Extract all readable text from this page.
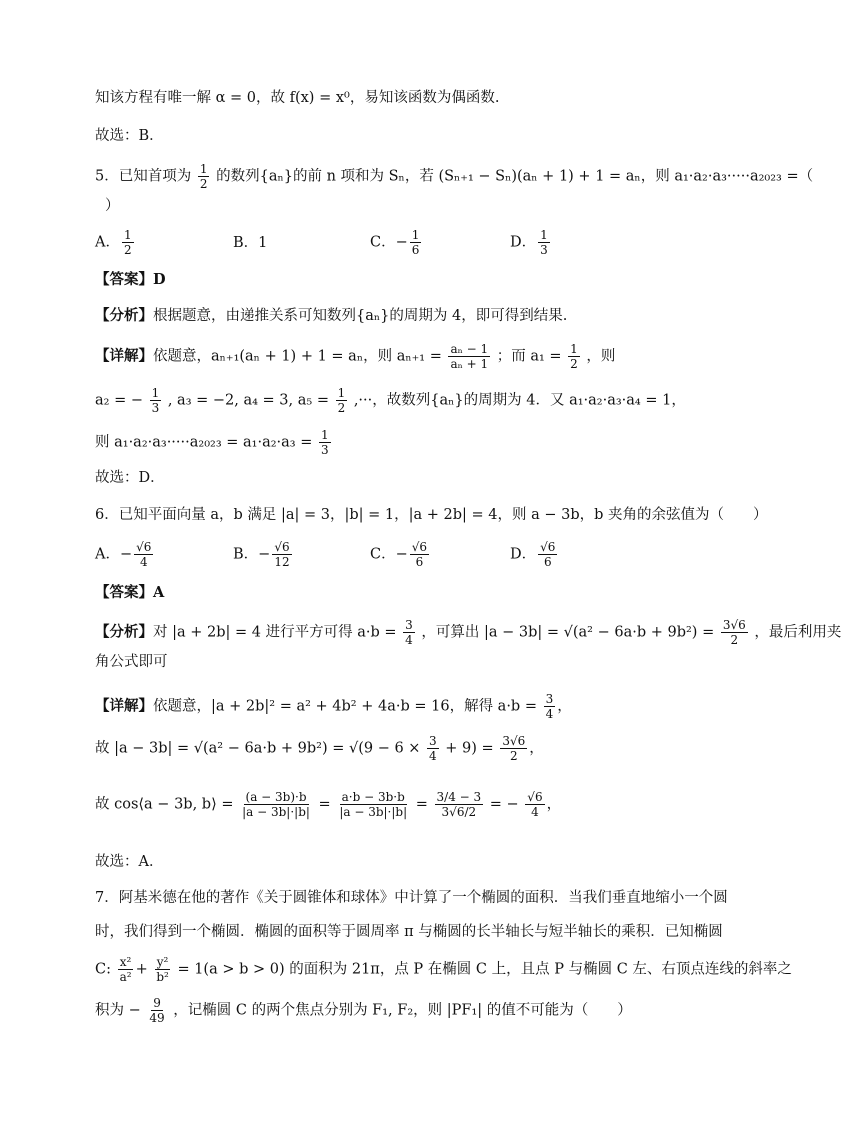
知该方程有唯一解 α = 0，故 f(x) = x⁰，易知该函数为偶函数.
故选：B．
5．已知首项为 $\frac{1}{2}$ 的数列{aₙ}的前 n 项和为 Sₙ，若 (Sₙ₊₁ − Sₙ)(aₙ + 1) + 1 = aₙ，则 a₁·a₂·a₃·····a₂₀₂₃ =（
）
A． $\frac{1}{2}$	B．1	C．− $\frac{1}{6}$	D． $\frac{1}{3}$
【答案】D
【分析】根据题意，由递推关系可知数列{aₙ}的周期为 4，即可得到结果.
【详解】依题意，aₙ₊₁(aₙ + 1) + 1 = aₙ，则 $a_{n+1} = \frac{\text{aₙ − 1}}{\text{aₙ + 1}}$ ；而 $a_1 = \frac{1}{2}$ ，则
a₂ = − $\frac{1}{3}$ , a₃ = −2, a₄ = 3, $a_5 = \frac{1}{2}$ ,···，故数列{aₙ}的周期为 4．又 a₁·a₂·a₃·a₄ = 1，
则 $a_1\cdot a_2\cdot a_3\cdot\cdot\cdot\cdot\cdot a_{2023} = a_1\cdot a_2\cdot a_3 = \frac{1}{3}$
故选：D．
6．已知平面向量 a，b 满足 |a| = 3，|b| = 1，|a + 2b| = 4，则 a − 3b，b 夹角的余弦值为（　　）
A．− $\frac{√6}{4}$	B．− $\frac{√6}{12}$	C．− $\frac{√6}{6}$	D． $\frac{√6}{6}$
【答案】A
【分析】对 |a + 2b| = 4 进行平方可得 $a\cdot b = \frac{3}{4}$ ，可算出 $|a - 3b| = √(a^2 - 6a\cdot b + 9b^2) = \frac{3√6}{2}$ ，最后利用夹
角公式即可
【详解】依题意，|a + 2b|² = a² + 4b² + 4a·b = 16，解得 $a\cdot b = \frac{3}{4}$ ，
故 $|a - 3b| = √(a^2 - 6a\cdot b + 9b^2) = √(9 - 6 \times \frac{3}{4} + 9) = \frac{3√6}{2}$ ，
故 cos⟨a − 3b, b⟩ = $\frac{(a - 3b)\cdot b}{|a - 3b|\cdot|b|} = \frac{a\cdot b - 3b\cdot b}{|a - 3b|\cdot|b|} = \frac{3/4 - 3}{3√6/2}$ = − $\frac{√6}{4}$ ，
故选：A．
7．阿基米德在他的著作《关于圆锥体和球体》中计算了一个椭圆的面积．当我们垂直地缩小一个圆
时，我们得到一个椭圆．椭圆的面积等于圆周率 π 与椭圆的长半轴长与短半轴长的乘积．已知椭圆
C: $\frac{\text{x²}}{\text{a²}} + \frac{\text{y²}}{\text{b²}} = 1(a > b > 0)$ 的面积为 21π，点 P 在椭圆 C 上，且点 P 与椭圆 C 左、右顶点连线的斜率之
积为 − $\frac{9}{49}$ ，记椭圆 C 的两个焦点分别为 F₁, F₂，则 |PF₁| 的值不可能为（　　）
